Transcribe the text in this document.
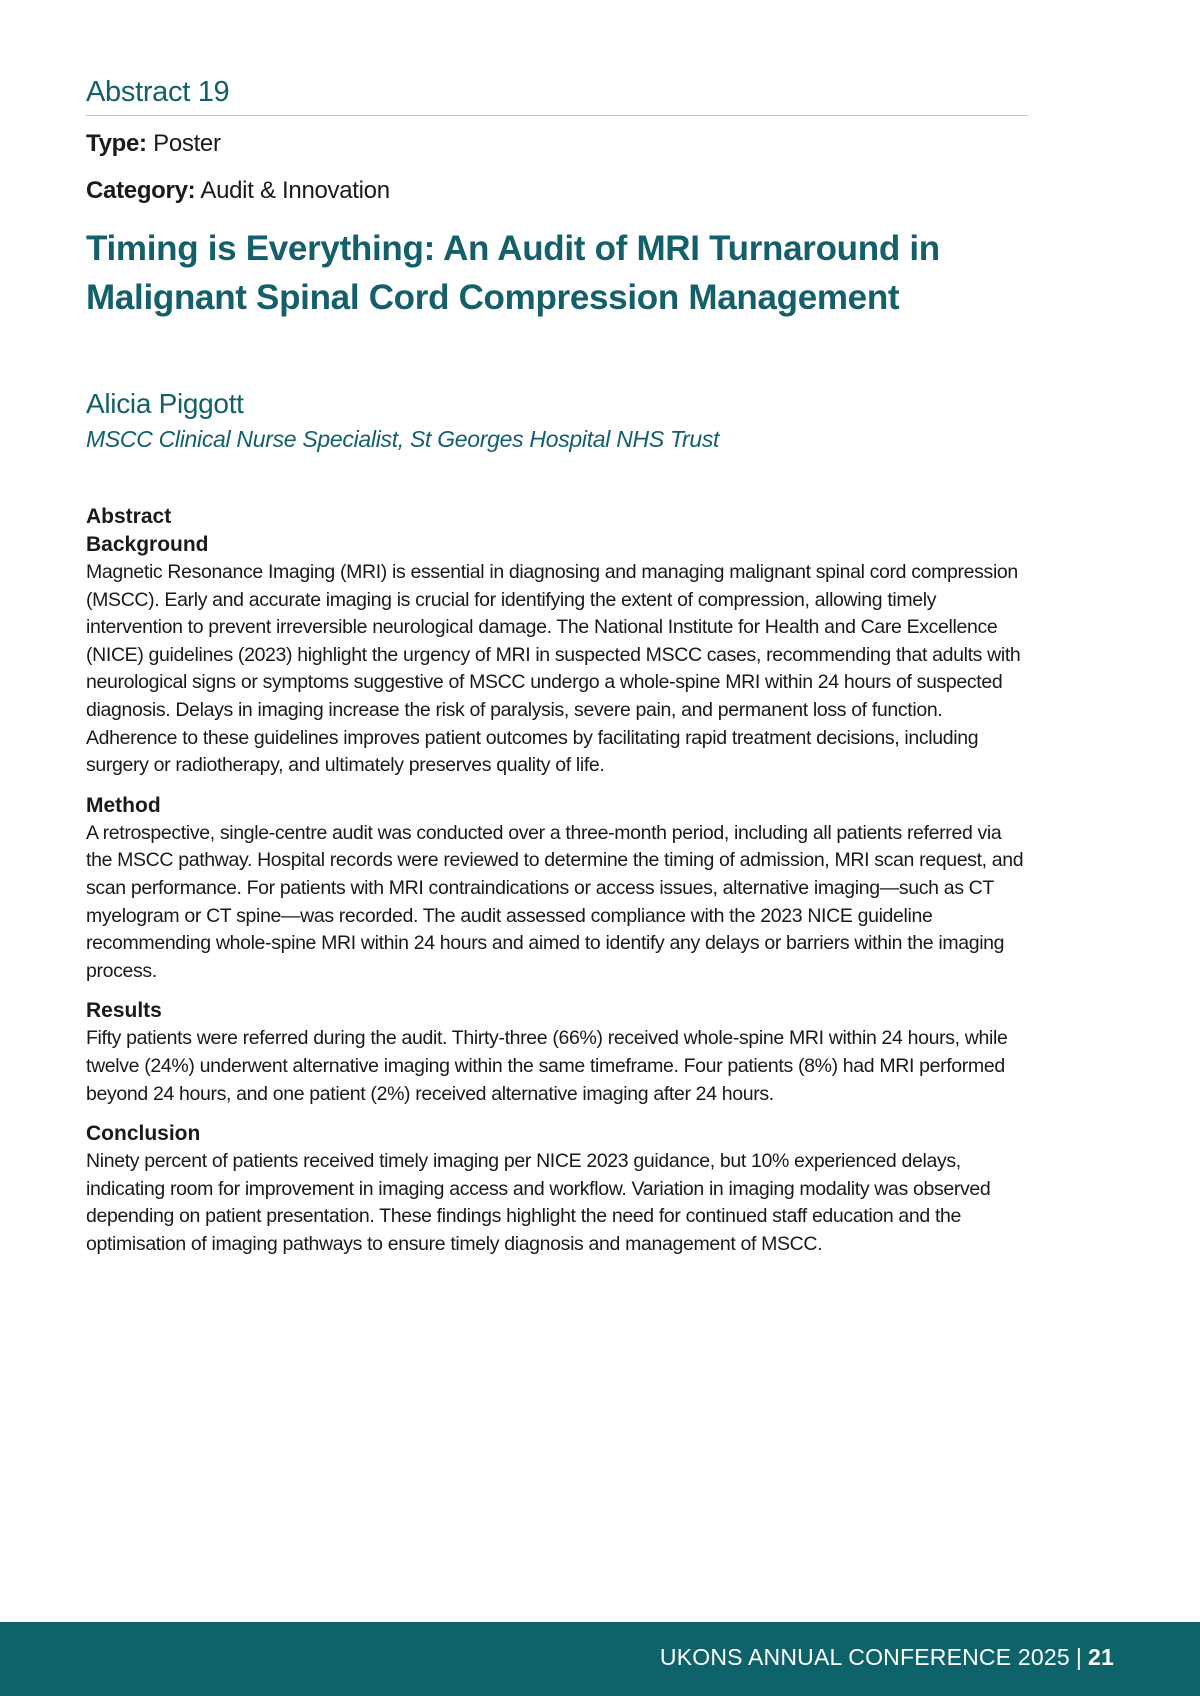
Abstract 19
Type: Poster
Category: Audit & Innovation
Timing is Everything: An Audit of MRI Turnaround in Malignant Spinal Cord Compression Management
Alicia Piggott
MSCC Clinical Nurse Specialist, St Georges Hospital NHS Trust
Abstract
Background

Magnetic Resonance Imaging (MRI) is essential in diagnosing and managing malignant spinal cord compression (MSCC). Early and accurate imaging is crucial for identifying the extent of compression, allowing timely intervention to prevent irreversible neurological damage. The National Institute for Health and Care Excellence (NICE) guidelines (2023) highlight the urgency of MRI in suspected MSCC cases, recommending that adults with neurological signs or symptoms suggestive of MSCC undergo a whole-spine MRI within 24 hours of suspected diagnosis. Delays in imaging increase the risk of paralysis, severe pain, and permanent loss of function. Adherence to these guidelines improves patient outcomes by facilitating rapid treatment decisions, including surgery or radiotherapy, and ultimately preserves quality of life.

Method

A retrospective, single-centre audit was conducted over a three-month period, including all patients referred via the MSCC pathway. Hospital records were reviewed to determine the timing of admission, MRI scan request, and scan performance. For patients with MRI contraindications or access issues, alternative imaging—such as CT myelogram or CT spine—was recorded. The audit assessed compliance with the 2023 NICE guideline recommending whole-spine MRI within 24 hours and aimed to identify any delays or barriers within the imaging process.

Results

Fifty patients were referred during the audit. Thirty-three (66%) received whole-spine MRI within 24 hours, while twelve (24%) underwent alternative imaging within the same timeframe. Four patients (8%) had MRI performed beyond 24 hours, and one patient (2%) received alternative imaging after 24 hours.

Conclusion

Ninety percent of patients received timely imaging per NICE 2023 guidance, but 10% experienced delays, indicating room for improvement in imaging access and workflow. Variation in imaging modality was observed depending on patient presentation. These findings highlight the need for continued staff education and the optimisation of imaging pathways to ensure timely diagnosis and management of MSCC.

UKONS ANNUAL CONFERENCE 2025 | 21
